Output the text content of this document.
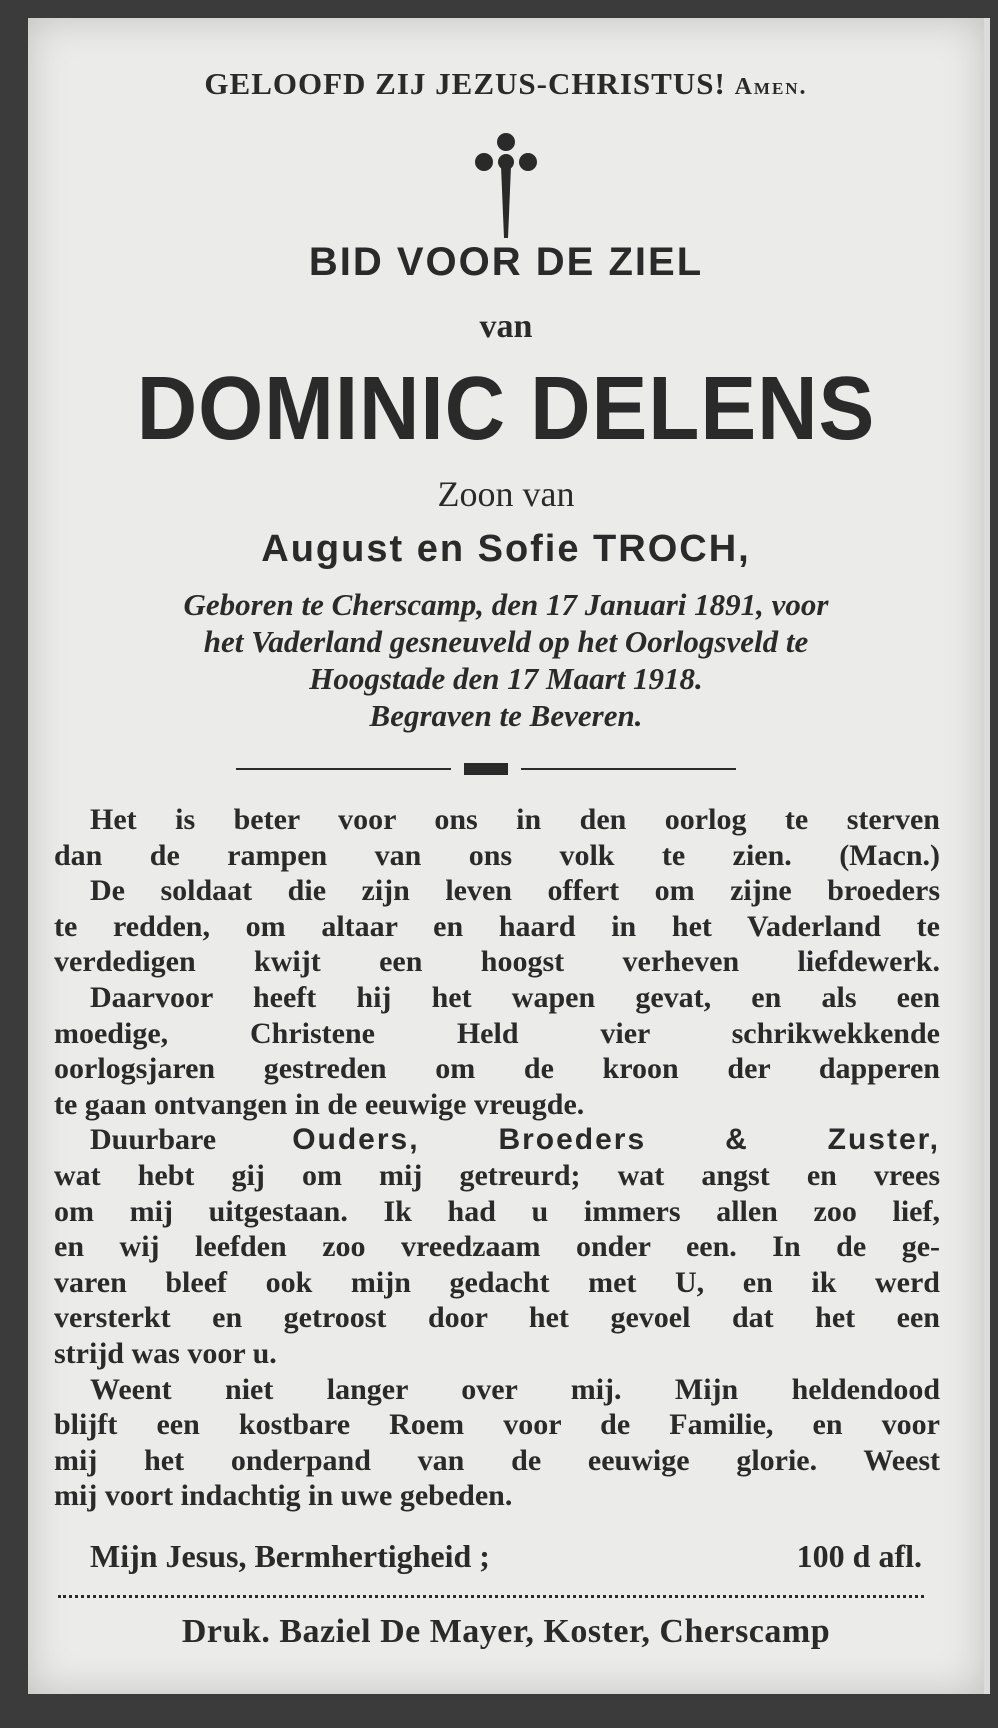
GELOOFD ZIJ JEZUS-CHRISTUS! Amen.
BID VOOR DE ZIEL
van
DOMINIC DELENS
Zoon van
August en Sofie TROCH,
Geboren te Cherscamp, den 17 Januari 1891, voor
het Vaderland gesneuveld op het Oorlogsveld te
Hoogstade den 17 Maart 1918.
Begraven te Beveren.
Het is beter voor ons in den oorlog te sterven
dan de rampen van ons volk te zien. (Macn.)
De soldaat die zijn leven offert om zijne broeders
te redden, om altaar en haard in het Vaderland te
verdedigen kwijt een hoogst verheven liefdewerk.
Daarvoor heeft hij het wapen gevat, en als een
moedige, Christene Held vier schrikwekkende
oorlogsjaren gestreden om de kroon der dapperen
te gaan ontvangen in de eeuwige vreugde.
Duurbare	Ouders, Broeders & Zuster,
wat hebt gij om mij getreurd; wat angst en vrees
om mij uitgestaan. Ik had u immers allen zoo lief,
en wij leefden zoo vreedzaam onder een. In de ge-
varen bleef ook mijn gedacht met U, en ik werd
versterkt en getroost door het gevoel dat het een
strijd was voor u.
Weent niet langer over mij. Mijn heldendood
blijft een kostbare Roem voor de Familie, en voor
mij het onderpand van de eeuwige glorie. Weest
mij voort indachtig in uwe gebeden.
Mijn Jesus, Bermhertigheid ;	100 d afl.
Druk. Baziel De Mayer, Koster, Cherscamp
